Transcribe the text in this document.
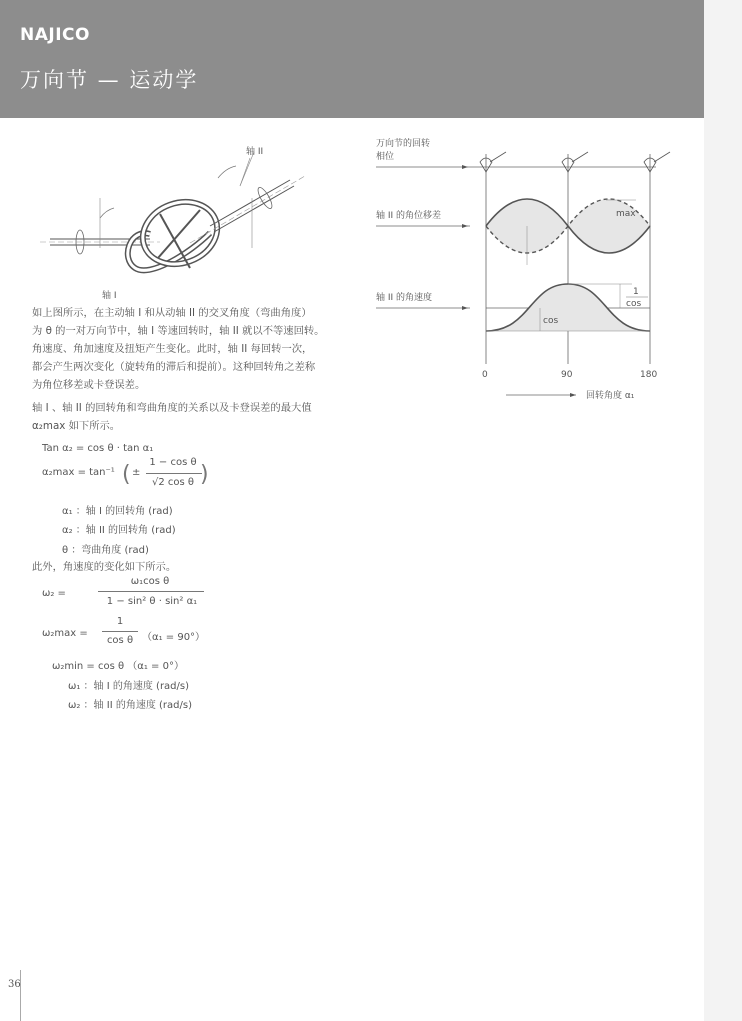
NAJICO
万向节 — 运动学
轴 II
轴 I
万向节的回转
相位
轴 II 的角位移差	max
轴 II 的角速度
1
cos
cos
0	90	180
回转角度 α₁
如上图所示，在主动轴 I 和从动轴 II 的交叉角度（弯曲角度）
为 θ 的一对万向节中，轴 I 等速回转时，轴 II 就以不等速回转。
角速度、角加速度及扭矩产生变化。此时，轴 II 每回转一次，
都会产生两次变化（旋转角的滞后和提前）。这种回转角之差称
为角位移差或卡登误差。
轴 I 、轴 II 的回转角和弯曲角度的关系以及卡登误差的最大值
α₂max 如下所示。
Tan α₂ = cos θ · tan α₁
α₂max = tan⁻¹ ( ±
1 − cos θ
√2 cos θ )
α₁ ：轴 I 的回转角 (rad)
α₂ ：轴 II 的回转角 (rad)
θ ：弯曲角度 (rad)
此外，角速度的变化如下所示。
ω₂ =
ω₁cos θ
1 − sin² θ · sin² α₁
ω₂max =
1
cos θ （α₁ = 90°）
ω₂min = cos θ （α₁ = 0°）
ω₁ ：轴 I 的角速度 (rad/s)
ω₂ ：轴 II 的角速度 (rad/s)
36
